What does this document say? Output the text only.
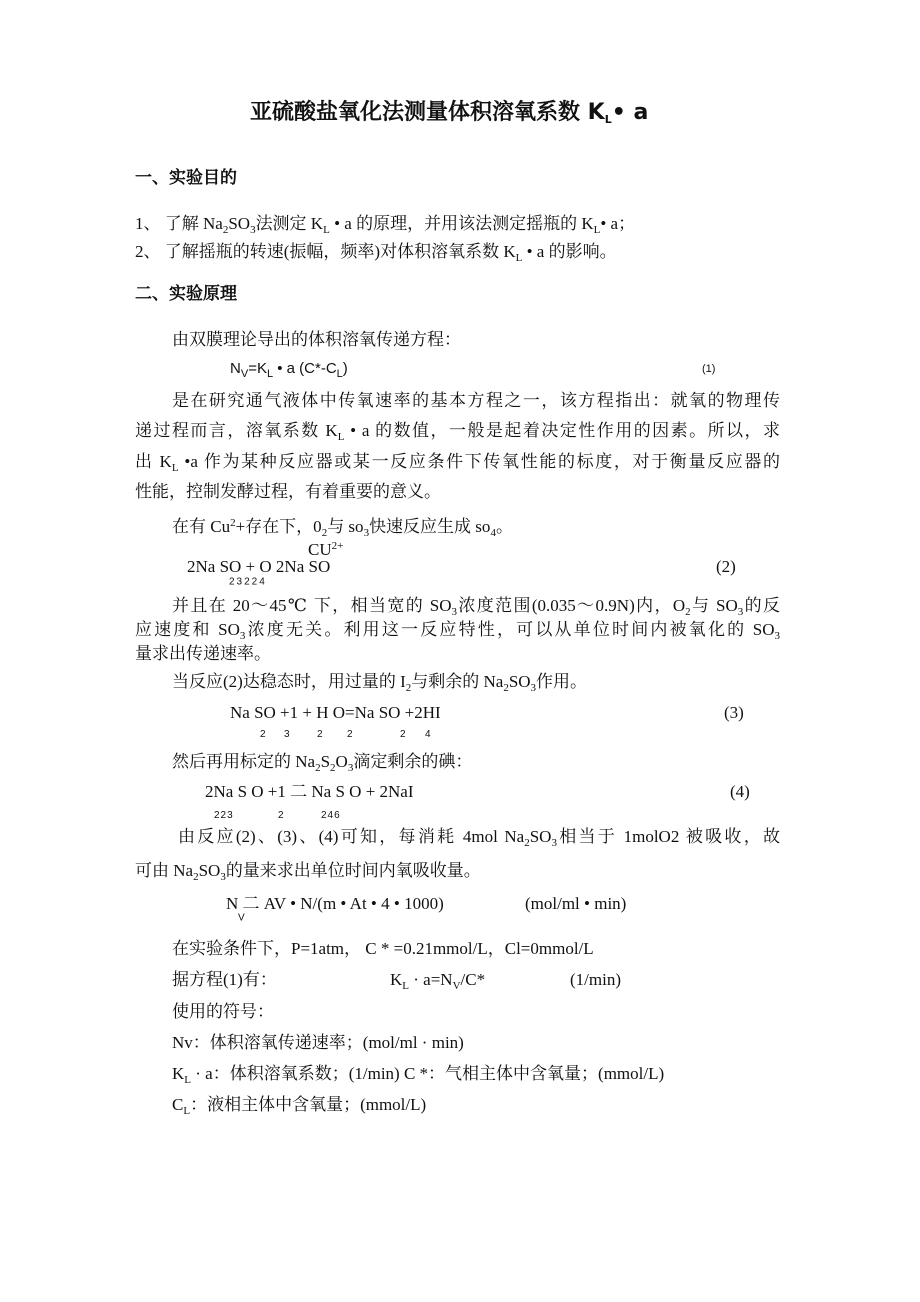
亚硫酸盐氧化法测量体积溶氧系数 $K_L•$ a
一、实验目的
1、 了解 $Na_2SO_3$法测定 $K_L$ • a 的原理，并用该法测定摇瓶的 $K_L•$ a；
2、 了解摇瓶的转速(振幅，频率)对体积溶氧系数 $K_L$ • a 的影响。
二、实验原理
由双膜理论导出的体积溶氧传递方程：
$N_V=K_L$ • a $(C*-C_L)$	(1)
是在研究通气液体中传氧速率的基本方程之一，该方程指出：就氧的物理传
递过程而言，溶氧系数 $K_L$ • a 的数值，一般是起着决定性作用的因素。所以，求
出 $K_L$ •a 作为某种反应器或某一反应条件下传氧性能的标度，对于衡量反应器的
性能，控制发酵过程，有着重要的意义。
在有 $Cu^2+$存在下，$0_2$与 $so_3$快速反应生成 $so_4$。
$CU^{2+}$
2Na SO + O 2Na SO
23224
(2)
并且在 20～45℃ 下，相当宽的 $SO_3$浓度范围(0.035～0.9N)内，$O_2$与 $SO_3$的反
应速度和 $SO_3$浓度无关。利用这一反应特性，可以从单位时间内被氧化的 $SO_3$
量求出传递速率。
当反应(2)达稳态时，用过量的 $I_2$与剩余的 $Na_2SO_3$作用。
Na SO +1 + H O=Na SO +2HI
2 3	2 2	2 4
(3)
然后再用标定的 $Na_2S_2O_3$滴定剩余的碘：
2Na S O +1 二 Na S O + 2NaI
223	2	246
(4)
由反应(2)、(3)、(4)可知，每消耗 4mol $Na_2SO_3$相当于 1molO2 被吸收，故
可由 $Na_2SO_3$的量来求出单位时间内氧吸收量。
N 二 AV • N/(m • At • 4 • 1000)
V
(mol/ml • min)
在实验条件下，P=1atm， C * =0.21mmol/L，Cl=0mmol/L
据方程(1)有：	$K_L \cdot a=N_V/C*$	(1/min)
使用的符号：
Nv：体积溶氧传递速率；(mol/ml · min)
$K_L \cdot a$：体积溶氧系数；(1/min) C *：气相主体中含氧量；(mmol/L)
$C_L$：液相主体中含氧量；(mmol/L)
